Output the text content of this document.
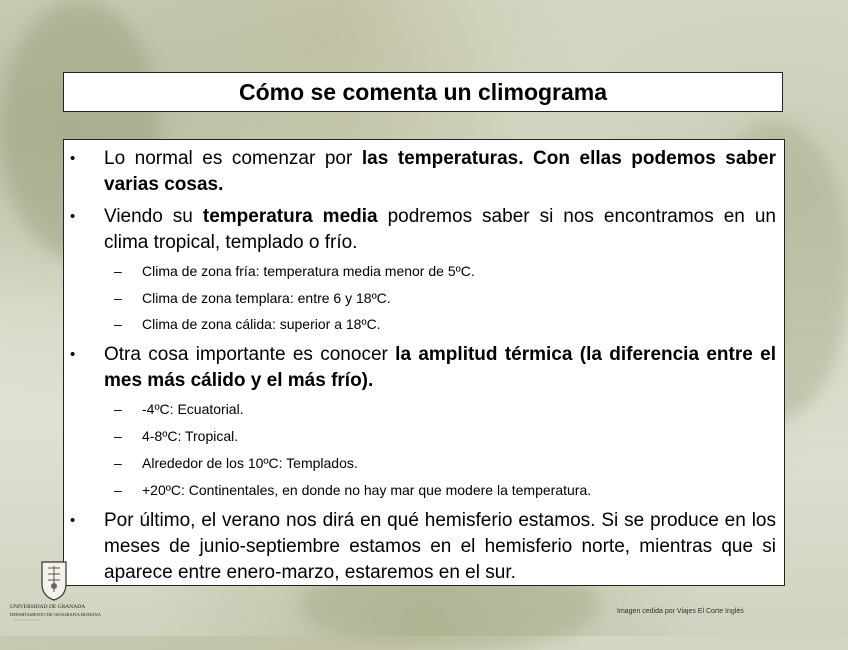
Cómo se comenta un climograma
• Lo normal es comenzar por las temperaturas. Con ellas podemos saber varias cosas.
• Viendo su temperatura media podremos saber si nos encontramos en un clima tropical, templado o frío.
– Clima de zona fría: temperatura media menor de 5ºC.
– Clima de zona templara: entre 6 y 18ºC.
– Clima de zona cálida: superior a 18ºC.
• Otra cosa importante es conocer la amplitud térmica (la diferencia entre el mes más cálido y el más frío).
– -4ºC: Ecuatorial.
– 4-8ºC: Tropical.
– Alrededor de los 10ºC: Templados.
– +20ºC: Continentales, en donde no hay mar que modere la temperatura.
• Por último, el verano nos dirá en qué hemisferio estamos. Si se produce en los meses de junio-septiembre estamos en el hemisferio norte, mientras que si aparece entre enero-marzo, estaremos en el sur.
UNIVERSIDAD DE GRANADA
DEPARTAMENTO DE GEOGRAFIA HUMANA	Imagen cedida por Viajes El Corte Inglés
